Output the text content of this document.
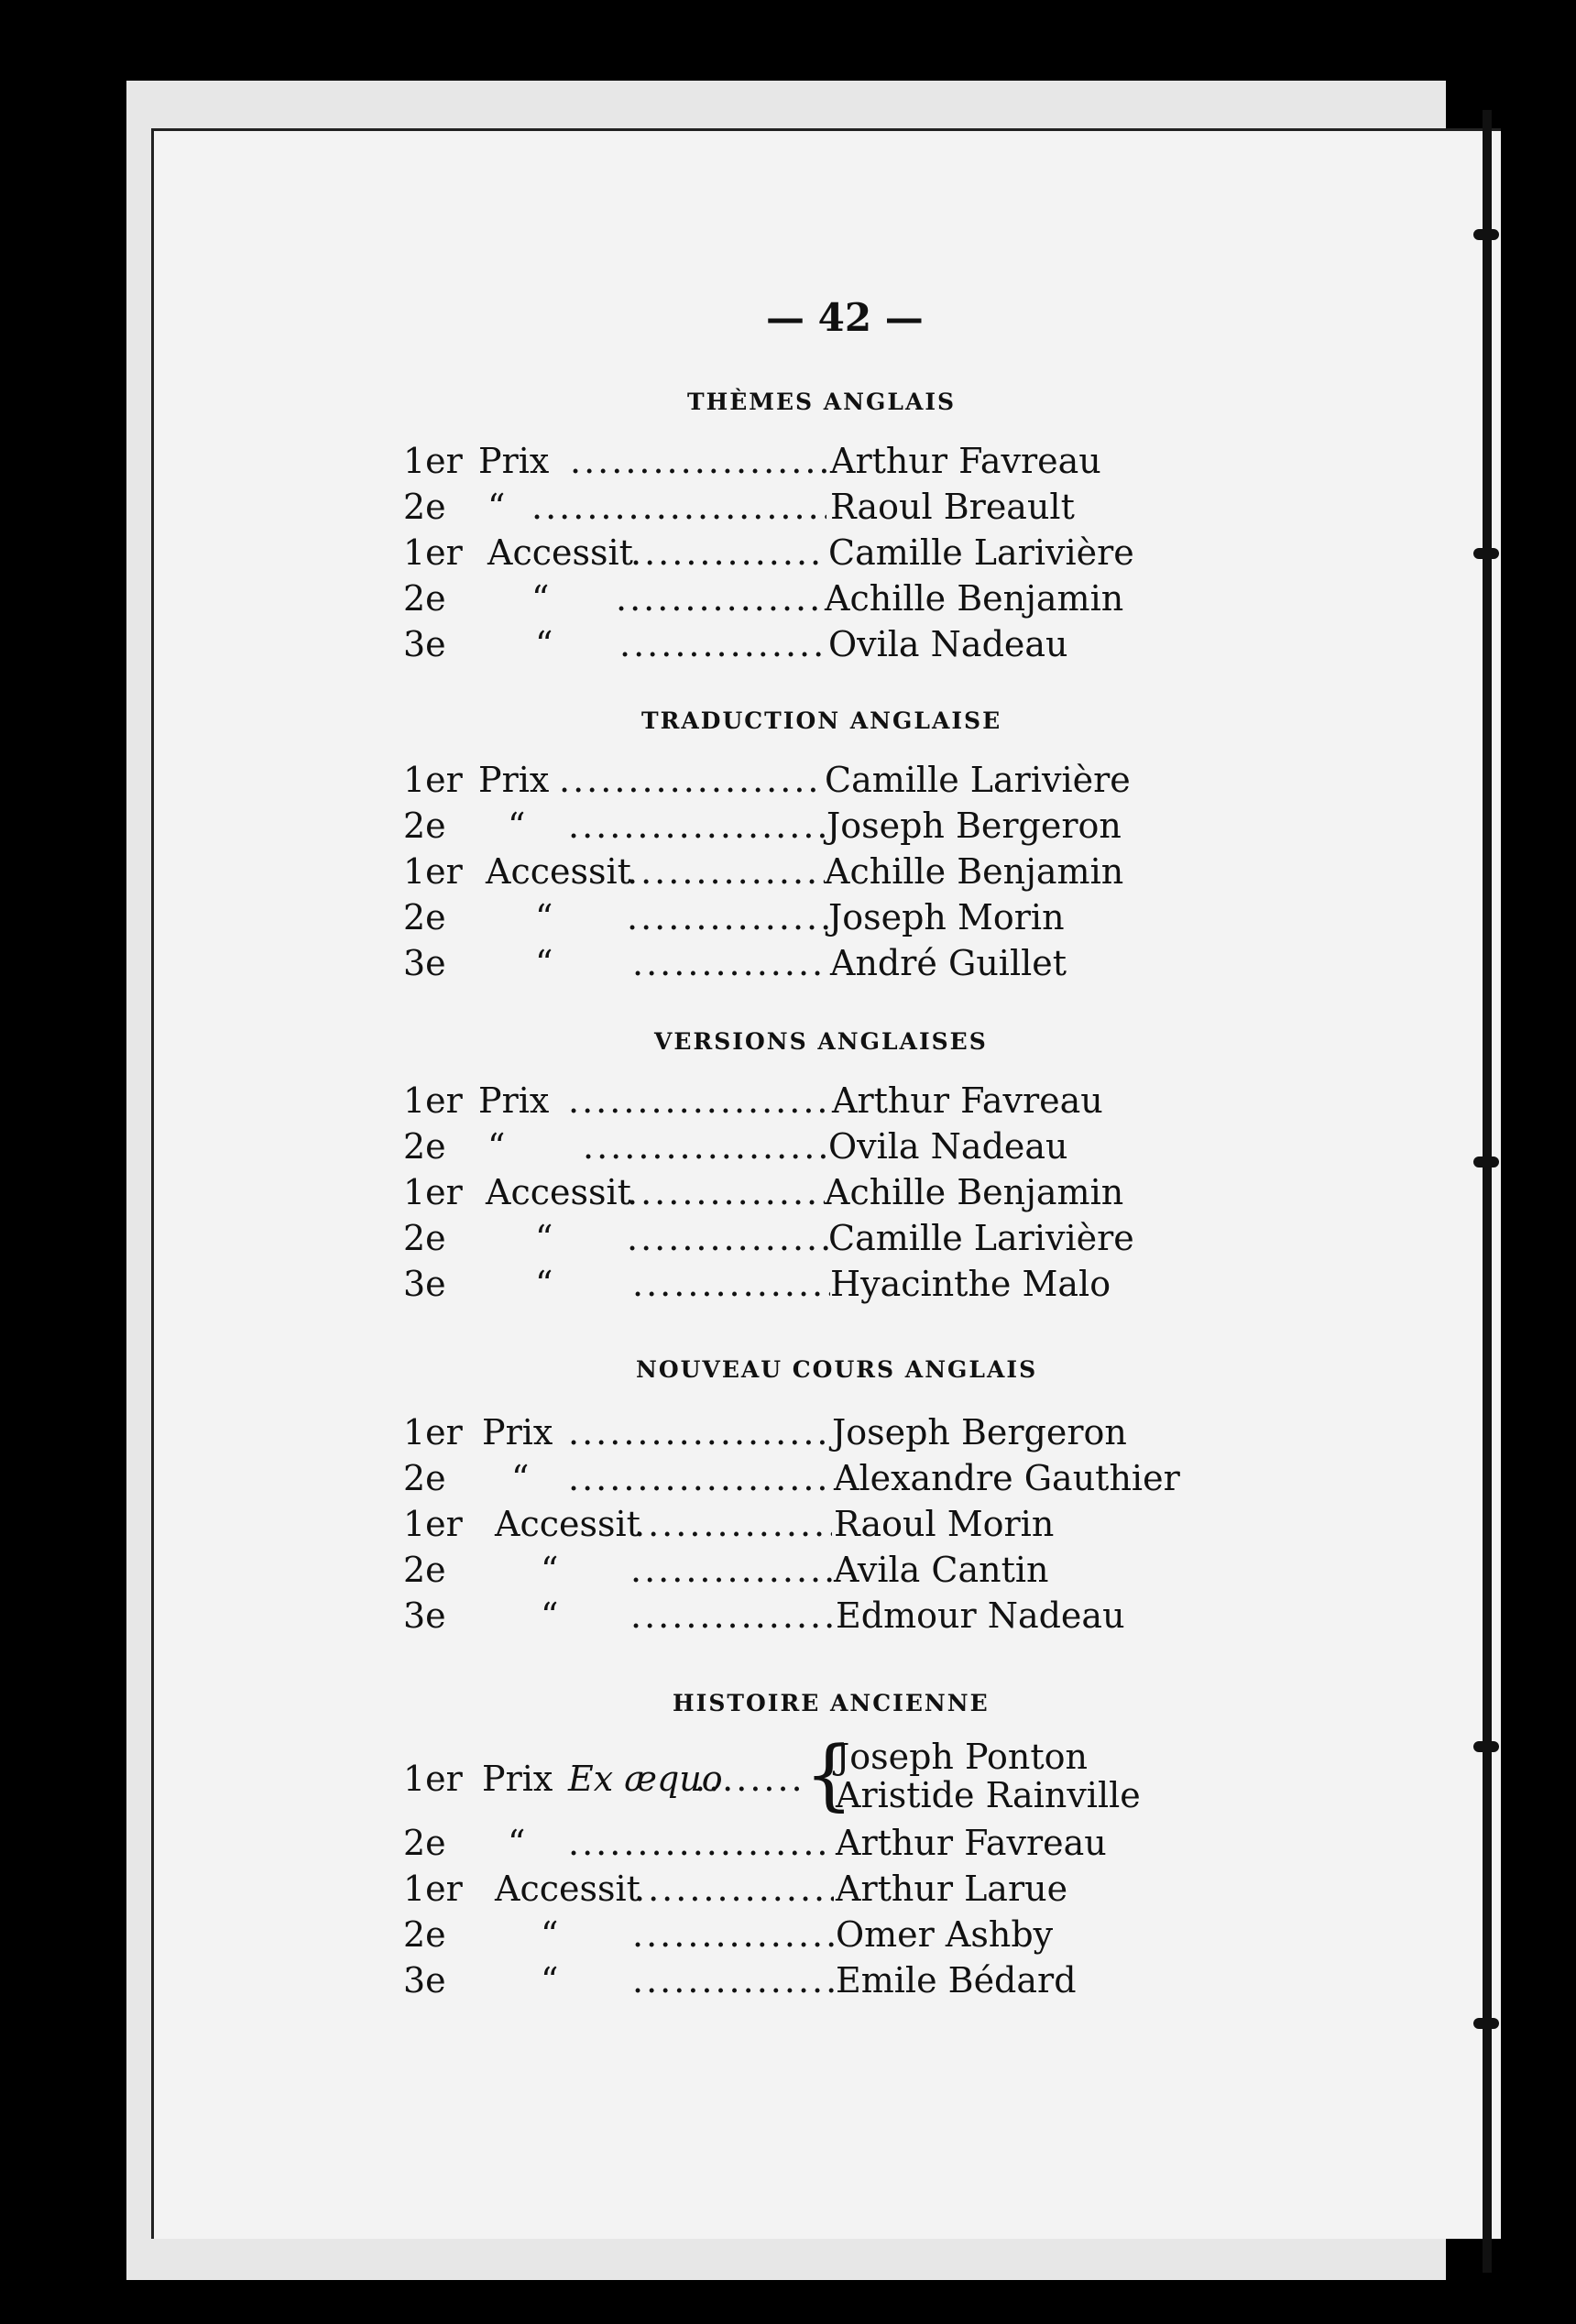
— 42 —
THÈMES ANGLAIS
1er Prix .....	Arthur Favreau
2e “ .....	Raoul Breault
1er Accessit .....	Camille Larivière
2e “ .....	Achille Benjamin
3e	“ .....	Ovila Nadeau
TRADUCTION ANGLAISE
1er Prix .....	Camille Larivière
2e “ .....	Joseph Bergeron
1er Accessit .....	Achille Benjamin
2e	“ .....	Joseph Morin
3e	“ .....	André Guillet
VERSIONS ANGLAISES
1er Prix .....	Arthur Favreau
2e “ .....	Ovila Nadeau
1er Accessit .....	Achille Benjamin
2e	“ .....	Camille Larivière
3e	“ .....	Hyacinthe Malo
NOUVEAU COURS ANGLAIS
1er Prix .....	Joseph Bergeron
2e “ .....	Alexandre Gauthier
1er Accessit .....	Raoul Morin
2e	“ .....	Avila Cantin
3e	“ .....	Edmour Nadeau
HISTOIRE ANCIENNE
1er Prix Ex æquo ..... {
Joseph Ponton
Aristide Rainville
2e “ .....	Arthur Favreau
1er Accessit .....	Arthur Larue
2e	“ .....	Omer Ashby
3e	“ .....	Emile Bédard
